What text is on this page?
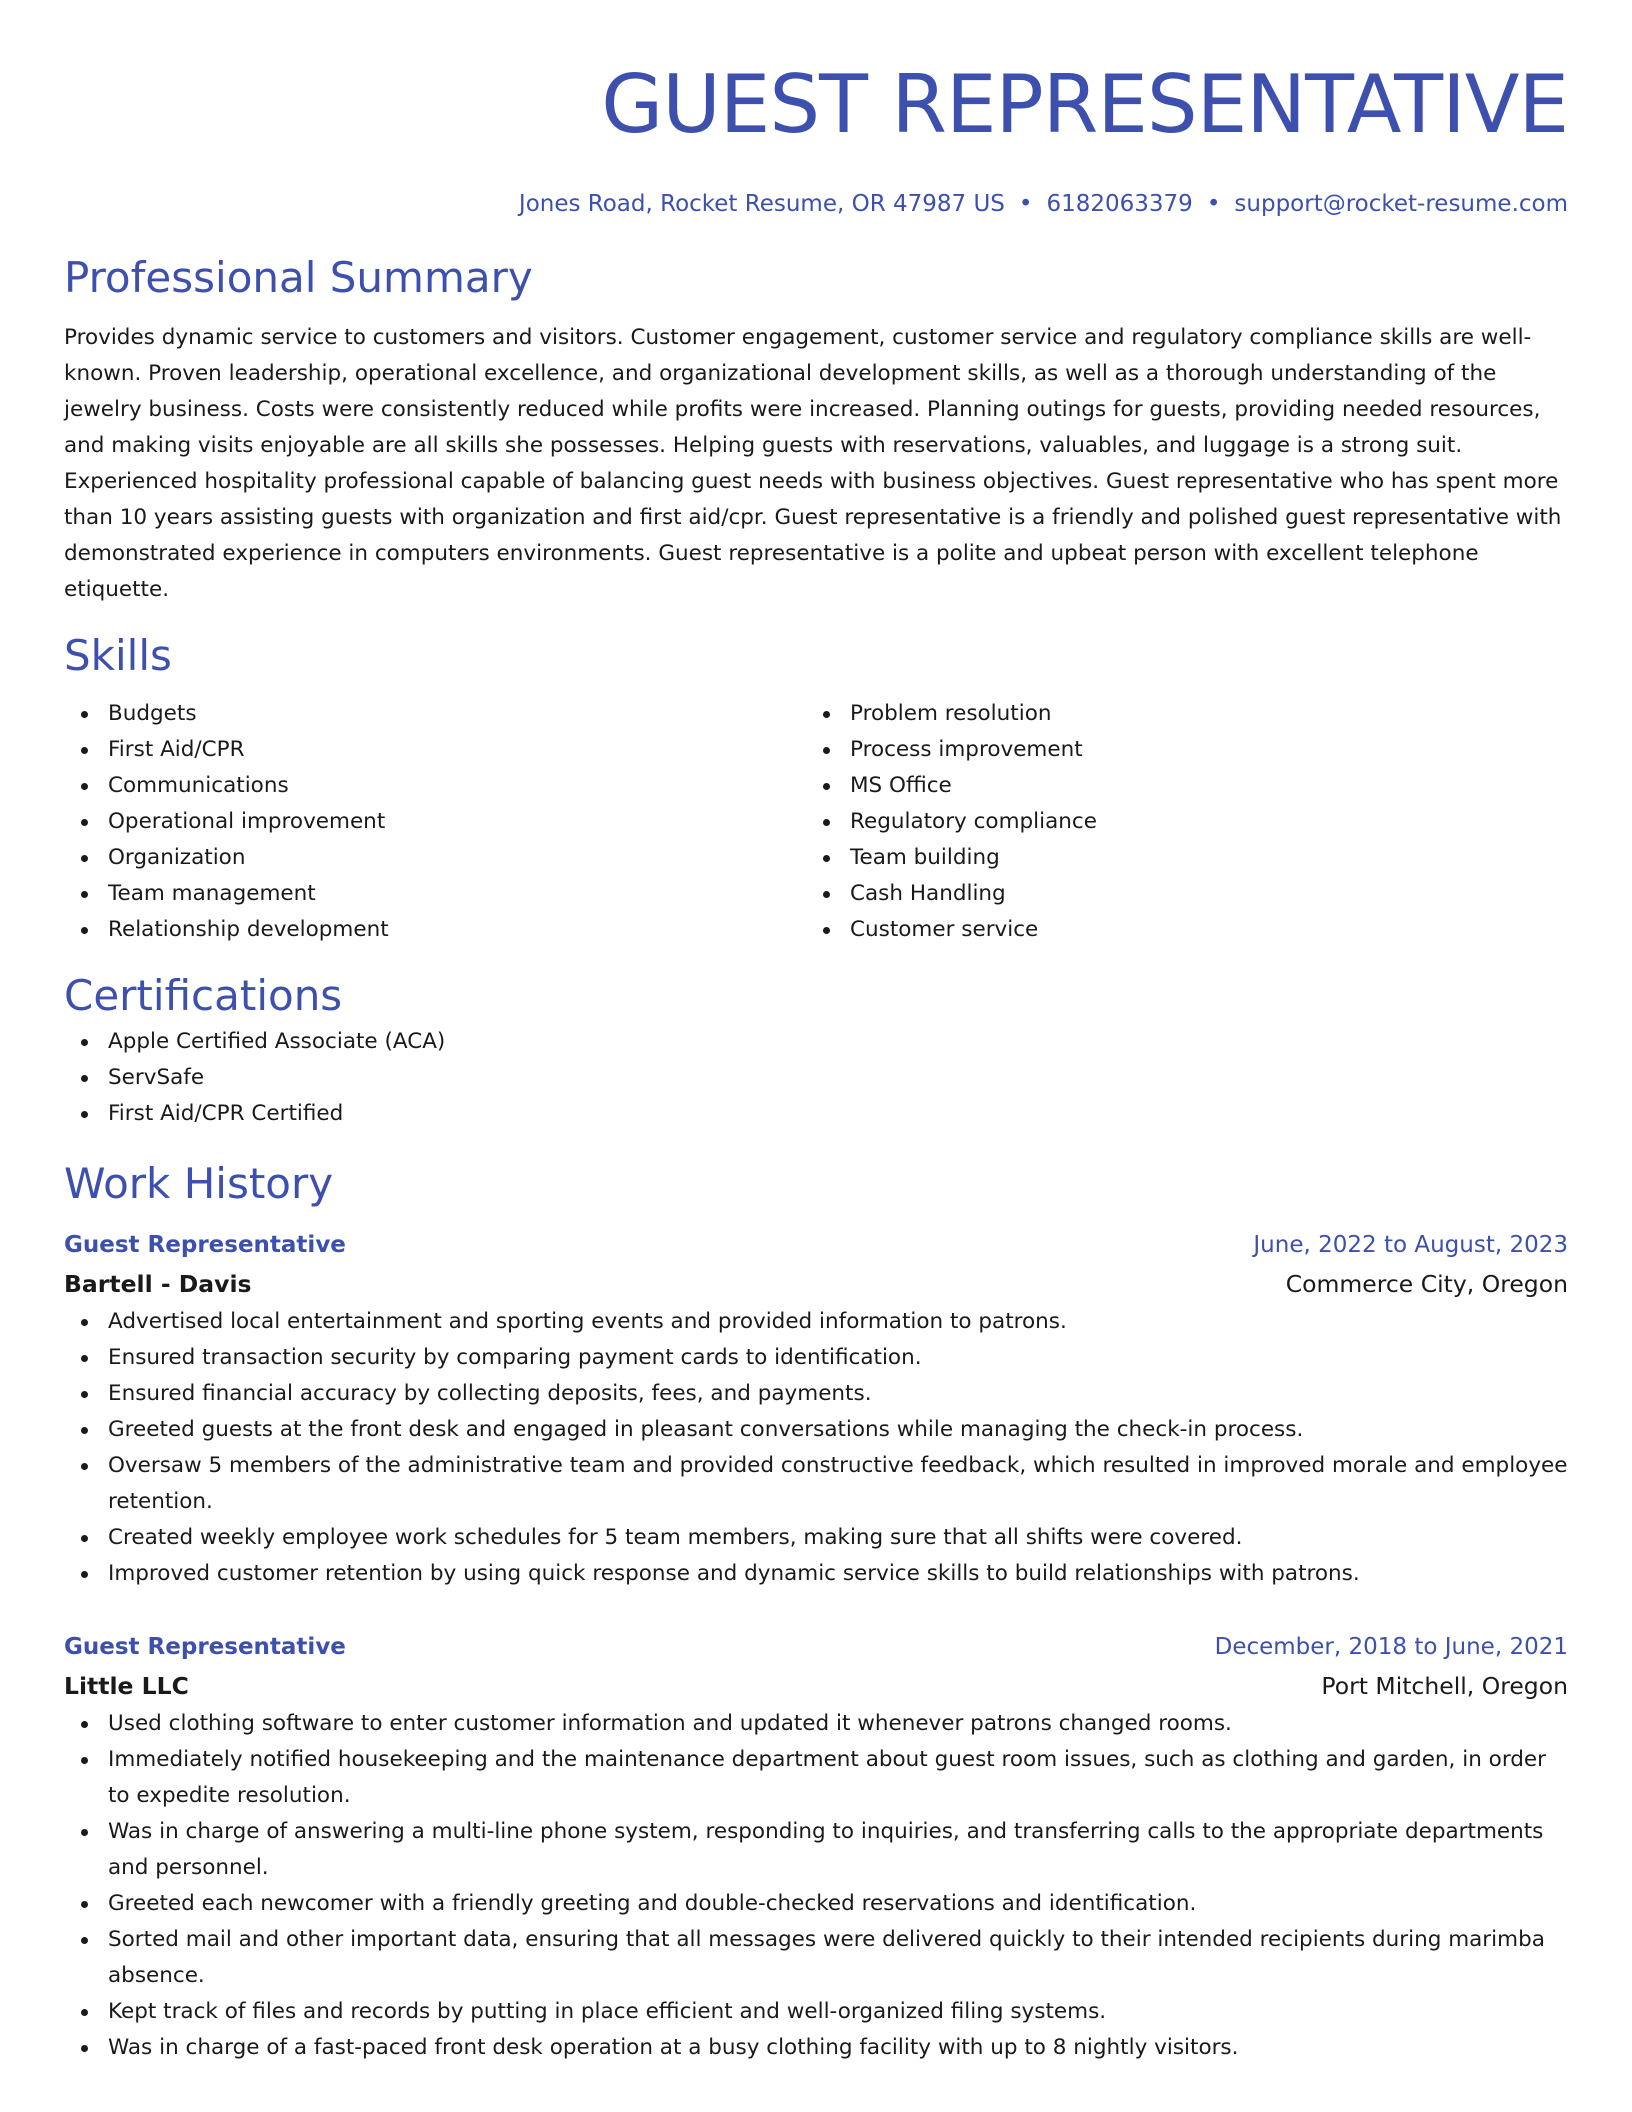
GUEST REPRESENTATIVE
Jones Road, Rocket Resume, OR 47987 US • 6182063379 • support@rocket-resume.com
Professional Summary
Provides dynamic service to customers and visitors. Customer engagement, customer service and regulatory compliance skills are well-known. Proven leadership, operational excellence, and organizational development skills, as well as a thorough understanding of the jewelry business. Costs were consistently reduced while profits were increased. Planning outings for guests, providing needed resources, and making visits enjoyable are all skills she possesses. Helping guests with reservations, valuables, and luggage is a strong suit. Experienced hospitality professional capable of balancing guest needs with business objectives. Guest representative who has spent more than 10 years assisting guests with organization and first aid/cpr. Guest representative is a friendly and polished guest representative with demonstrated experience in computers environments. Guest representative is a polite and upbeat person with excellent telephone etiquette.
Skills
Budgets
First Aid/CPR
Communications
Operational improvement
Organization
Team management
Relationship development
Problem resolution
Process improvement
MS Office
Regulatory compliance
Team building
Cash Handling
Customer service
Certifications
Apple Certified Associate (ACA)
ServSafe
First Aid/CPR Certified
Work History
Guest Representative	June, 2022 to August, 2023
Bartell - Davis	Commerce City, Oregon
Advertised local entertainment and sporting events and provided information to patrons.
Ensured transaction security by comparing payment cards to identification.
Ensured financial accuracy by collecting deposits, fees, and payments.
Greeted guests at the front desk and engaged in pleasant conversations while managing the check-in process.
Oversaw 5 members of the administrative team and provided constructive feedback, which resulted in improved morale and employee retention.
Created weekly employee work schedules for 5 team members, making sure that all shifts were covered.
Improved customer retention by using quick response and dynamic service skills to build relationships with patrons.
Guest Representative	December, 2018 to June, 2021
Little LLC	Port Mitchell, Oregon
Used clothing software to enter customer information and updated it whenever patrons changed rooms.
Immediately notified housekeeping and the maintenance department about guest room issues, such as clothing and garden, in order to expedite resolution.
Was in charge of answering a multi-line phone system, responding to inquiries, and transferring calls to the appropriate departments and personnel.
Greeted each newcomer with a friendly greeting and double-checked reservations and identification.
Sorted mail and other important data, ensuring that all messages were delivered quickly to their intended recipients during marimba absence.
Kept track of files and records by putting in place efficient and well-organized filing systems.
Was in charge of a fast-paced front desk operation at a busy clothing facility with up to 8 nightly visitors.
